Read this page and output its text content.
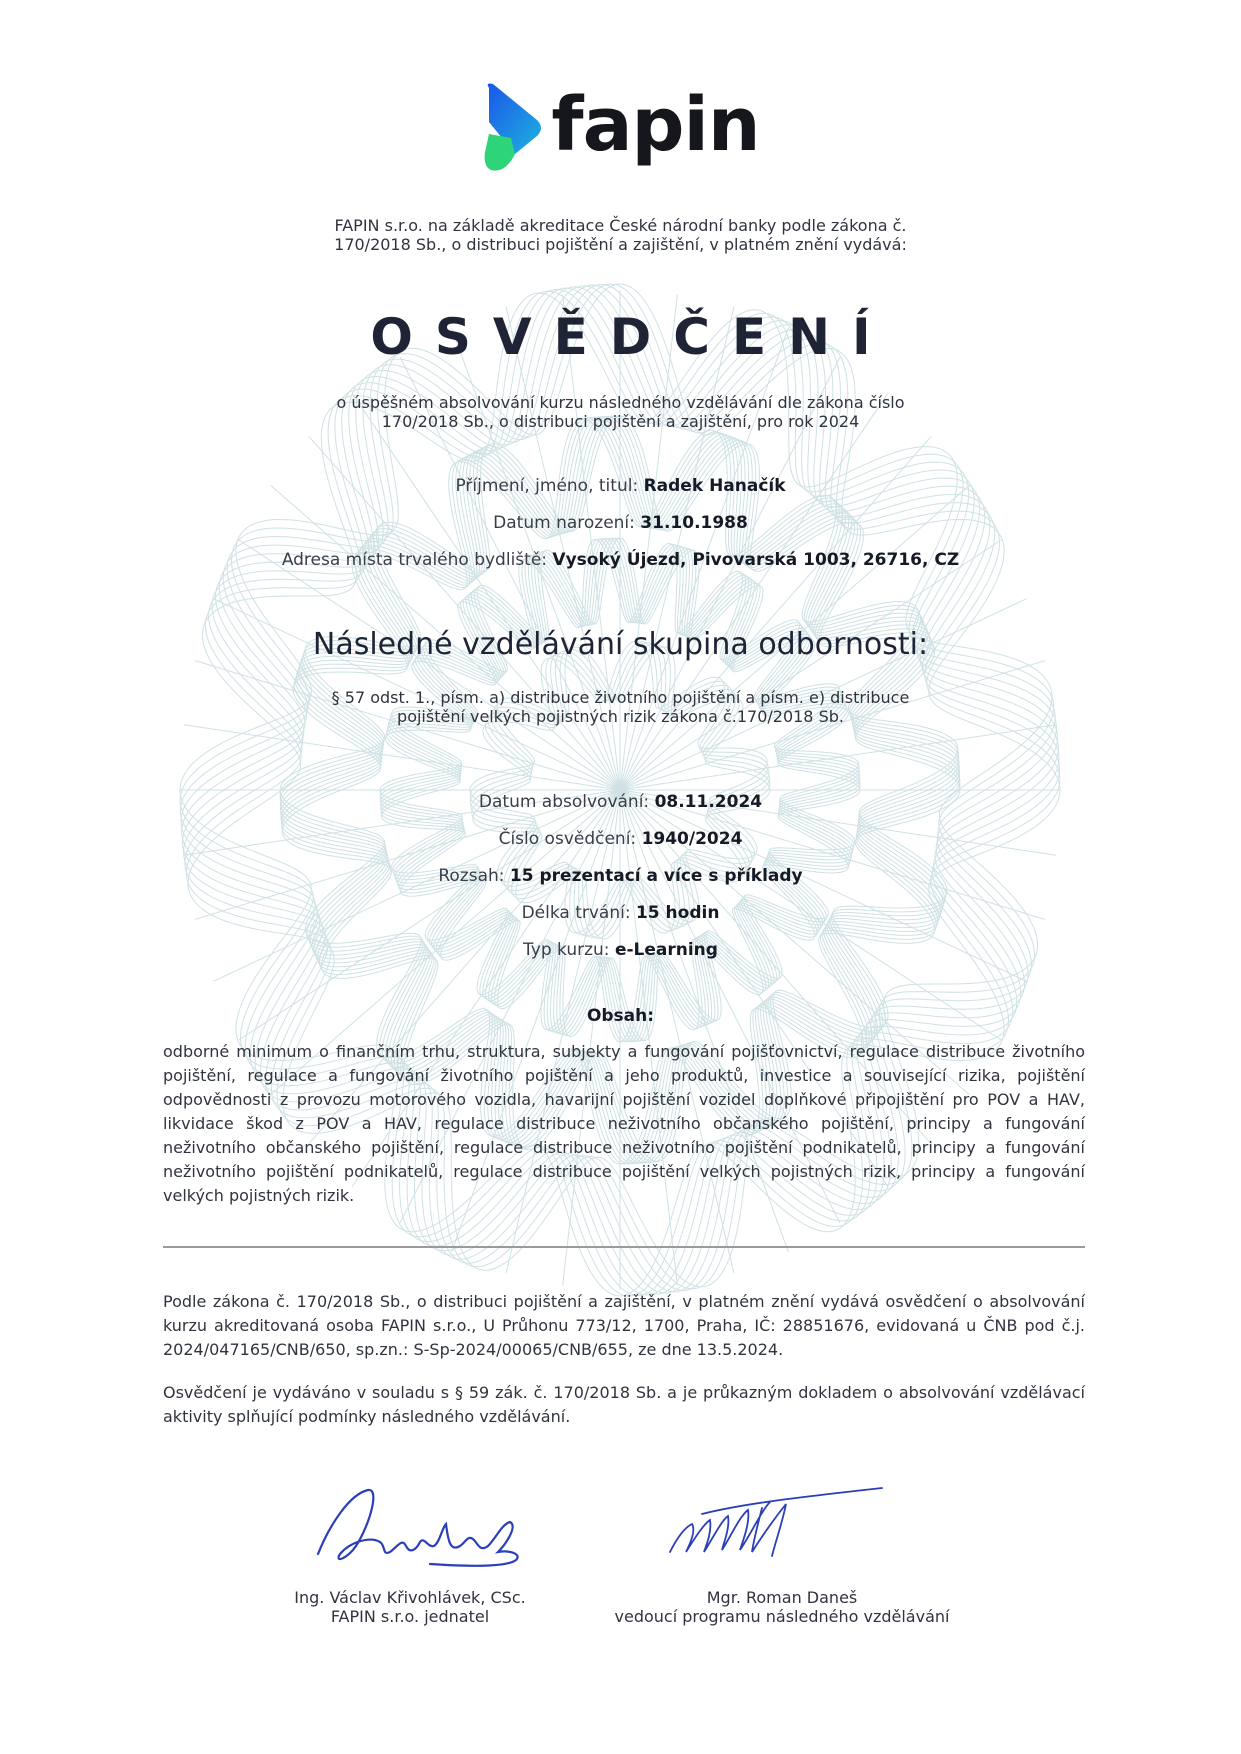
fapin
FAPIN s.r.o. na základě akreditace České národní banky podle zákona č.
170/2018 Sb., o distribuci pojištění a zajištění, v platném znění vydává:
OSVĚDČENÍ
o úspěšném absolvování kurzu následného vzdělávání dle zákona číslo
170/2018 Sb., o distribuci pojištění a zajištění, pro rok 2024
Příjmení, jméno, titul: Radek Hanačík
Datum narození: 31.10.1988
Adresa místa trvalého bydliště: Vysoký Újezd, Pivovarská 1003, 26716, CZ
Následné vzdělávání skupina odbornosti:
§ 57 odst. 1., písm. a) distribuce životního pojištění a písm. e) distribuce
pojištění velkých pojistných rizik zákona č.170/2018 Sb.
Datum absolvování: 08.11.2024
Číslo osvědčení: 1940/2024
Rozsah: 15 prezentací a více s příklady
Délka trvání: 15 hodin
Typ kurzu: e-Learning
Obsah:
odborné minimum o finančním trhu, struktura, subjekty a fungování pojišťovnictví, regulace distribuce životního pojištění, regulace a fungování životního pojištění a jeho produktů, investice a související rizika, pojištění odpovědnosti z provozu motorového vozidla, havarijní pojištění vozidel doplňkové připojištění pro POV a HAV, likvidace škod z POV a HAV, regulace distribuce neživotního občanského pojištění, principy a fungování neživotního občanského pojištění, regulace distribuce neživotního pojištění podnikatelů, principy a fungování neživotního pojištění podnikatelů, regulace distribuce pojištění velkých pojistných rizik, principy a fungování velkých pojistných rizik.
Podle zákona č. 170/2018 Sb., o distribuci pojištění a zajištění, v platném znění vydává osvědčení o absolvování kurzu akreditovaná osoba FAPIN s.r.o., U Průhonu 773/12, 1700, Praha, IČ: 28851676, evidovaná u ČNB pod č.j. 2024/047165/CNB/650, sp.zn.: S-Sp-2024/00065/CNB/655, ze dne 13.5.2024.
Osvědčení je vydáváno v souladu s § 59 zák. č. 170/2018 Sb. a je průkazným dokladem o absolvování vzdělávací aktivity splňující podmínky následného vzdělávání.
Ing. Václav Křivohlávek, CSc.
FAPIN s.r.o. jednatel
Mgr. Roman Daneš
vedoucí programu následného vzdělávání
